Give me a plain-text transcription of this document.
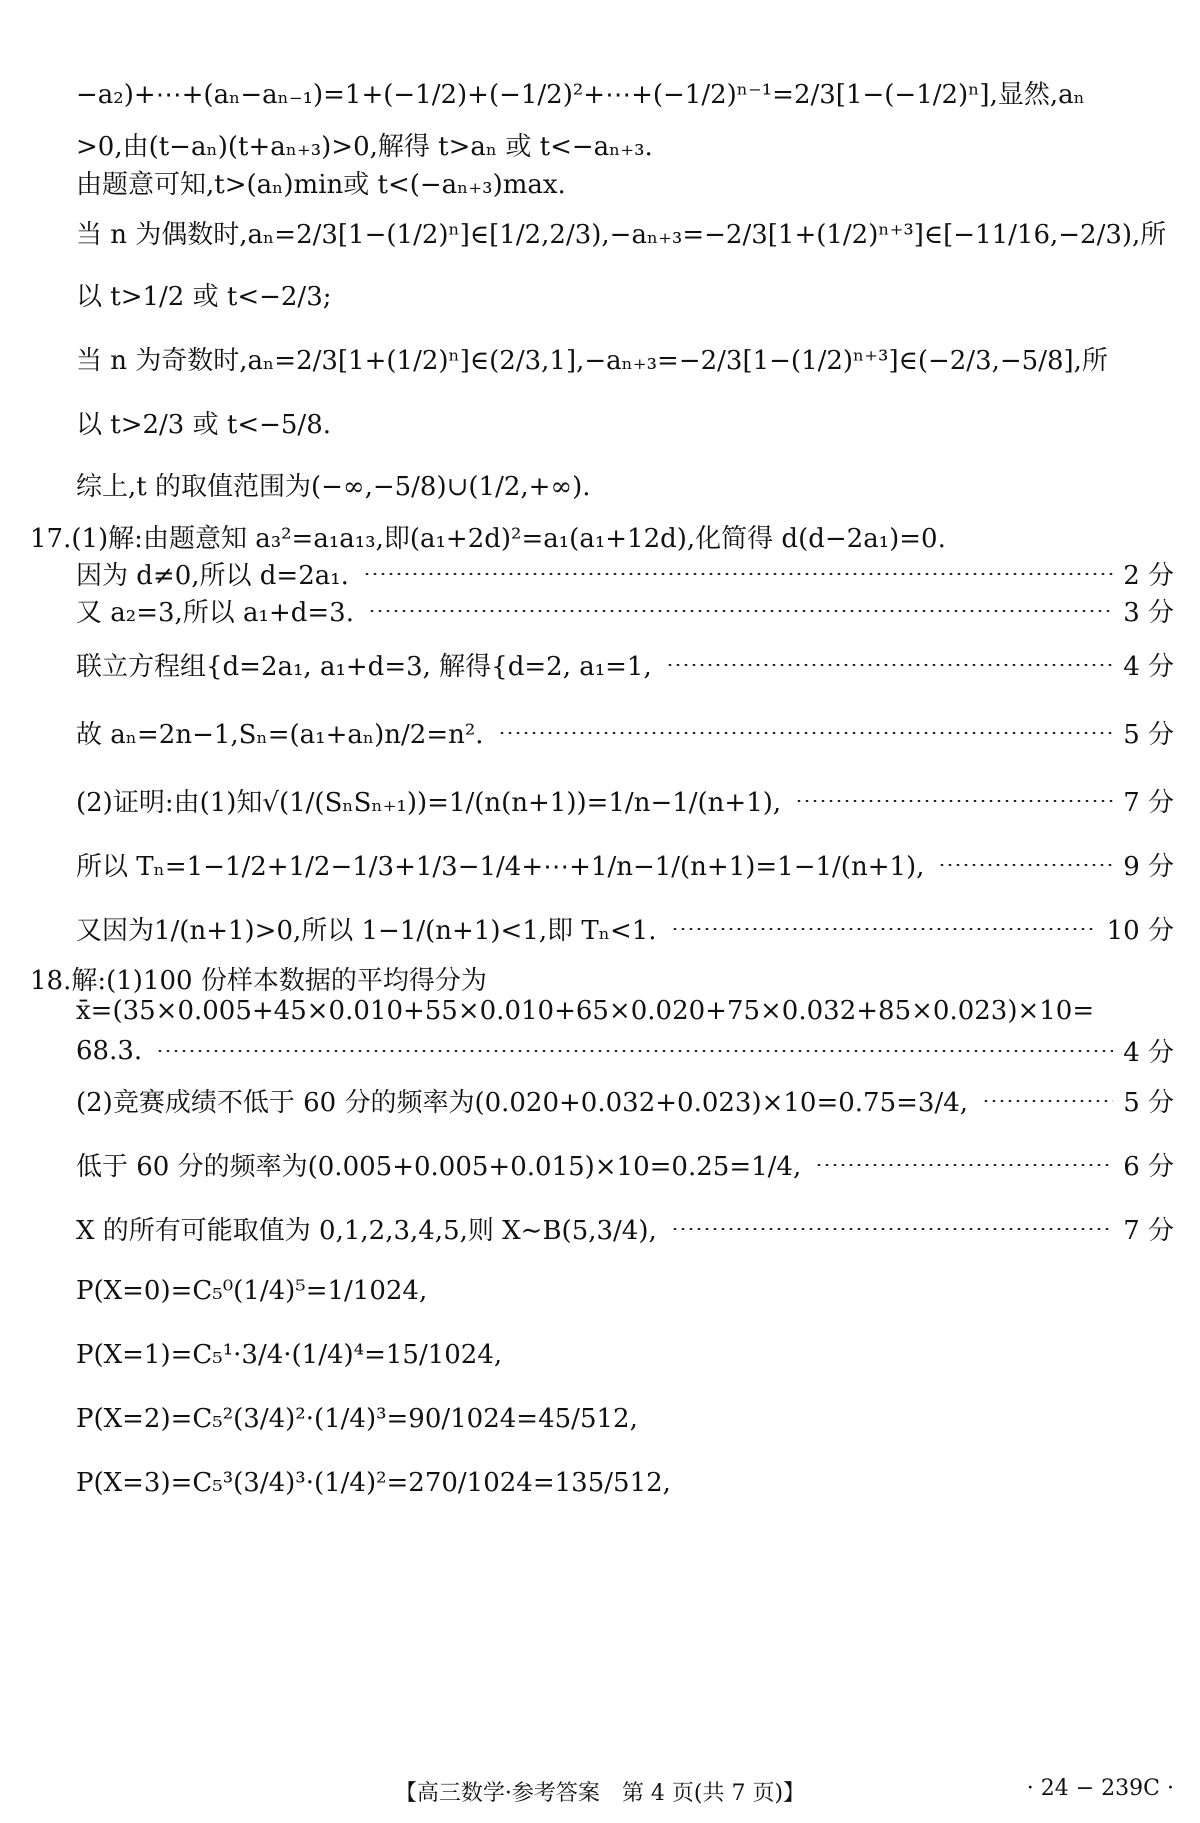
−a₂)+⋯+(aₙ−aₙ₋₁)=1+(−1/2)+(−1/2)²+⋯+(−1/2)ⁿ⁻¹=2/3[1−(−1/2)ⁿ],显然,aₙ
>0,由(t−aₙ)(t+aₙ₊₃)>0,解得 t>aₙ 或 t<−aₙ₊₃.
由题意可知,t>(aₙ)min或 t<(−aₙ₊₃)max.
当 n 为偶数时,aₙ=2/3[1−(1/2)ⁿ]∈[1/2,2/3),−aₙ₊₃=−2/3[1+(1/2)ⁿ⁺³]∈[−11/16,−2/3),所
以 t>1/2 或 t<−2/3;
当 n 为奇数时,aₙ=2/3[1+(1/2)ⁿ]∈(2/3,1],−aₙ₊₃=−2/3[1−(1/2)ⁿ⁺³]∈(−2/3,−5/8],所
以 t>2/3 或 t<−5/8.
综上,t 的取值范围为(−∞,−5/8)∪(1/2,+∞).
17.(1)解:由题意知 a₃²=a₁a₁₃,即(a₁+2d)²=a₁(a₁+12d),化简得 d(d−2a₁)=0.
因为 d≠0,所以 d=2a₁.	2 分
又 a₂=3,所以 a₁+d=3.	3 分
联立方程组{d=2a₁, a₁+d=3, 解得{d=2, a₁=1,	4 分
故 aₙ=2n−1,Sₙ=(a₁+aₙ)n/2=n².	5 分
(2)证明:由(1)知√(1/(SₙSₙ₊₁))=1/(n(n+1))=1/n−1/(n+1),	7 分
所以 Tₙ=1−1/2+1/2−1/3+1/3−1/4+⋯+1/n−1/(n+1)=1−1/(n+1),	9 分
又因为1/(n+1)>0,所以 1−1/(n+1)<1,即 Tₙ<1.	10 分
18.解:(1)100 份样本数据的平均得分为
x̄=(35×0.005+45×0.010+55×0.010+65×0.020+75×0.032+85×0.023)×10=
68.3.	4 分
(2)竞赛成绩不低于 60 分的频率为(0.020+0.032+0.023)×10=0.75=3/4,	5 分
低于 60 分的频率为(0.005+0.005+0.015)×10=0.25=1/4,	6 分
X 的所有可能取值为 0,1,2,3,4,5,则 X∼B(5,3/4),	7 分
P(X=0)=C₅⁰(1/4)⁵=1/1024,
P(X=1)=C₅¹·3/4·(1/4)⁴=15/1024,
P(X=2)=C₅²(3/4)²·(1/4)³=90/1024=45/512,
P(X=3)=C₅³(3/4)³·(1/4)²=270/1024=135/512,
【高三数学·参考答案　第 4 页(共 7 页)】	· 24 − 239C ·
